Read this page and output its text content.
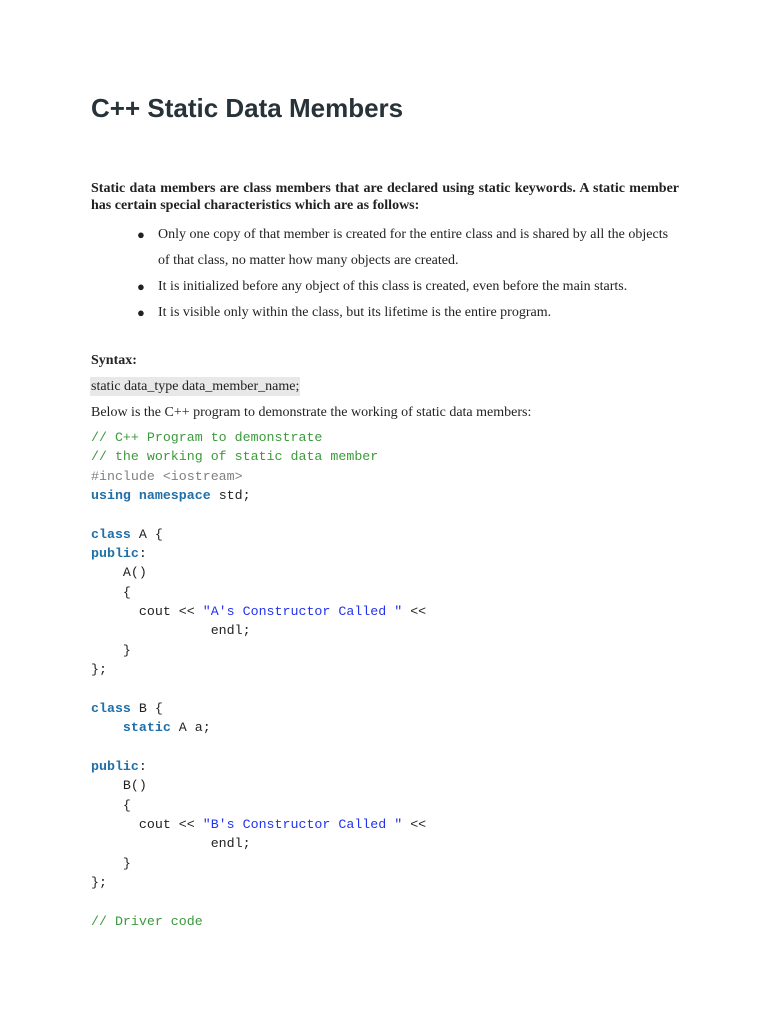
C++ Static Data Members

Static data members are class members that are declared using static keywords. A static member has certain special characteristics which are as follows:

● Only one copy of that member is created for the entire class and is shared by all the objects of that class, no matter how many objects are created.
● It is initialized before any object of this class is created, even before the main starts.
● It is visible only within the class, but its lifetime is the entire program.

Syntax:

static data_type data_member_name;

Below is the C++ program to demonstrate the working of static data members:

// C++ Program to demonstrate
// the working of static data member
#include <iostream>
using namespace std;
class A {
public:
A()
{
cout << "A's Constructor Called " <<
endl;
}
};
class B {
static A a;
public:
B()
{
cout << "B's Constructor Called " <<
endl;
}
};
// Driver code
